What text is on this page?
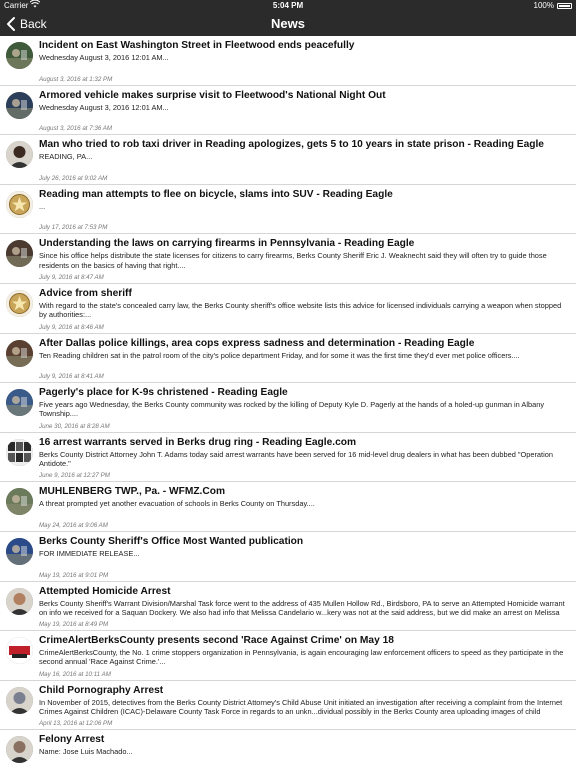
Carrier	5:04 PM	100%
Back	News
Incident on East Washington Street in Fleetwood ends peacefully
Wednesday August 3, 2016 12:01 AM...
August 3, 2016 at 1:32 PM
Armored vehicle makes surprise visit to Fleetwood's National Night Out
Wednesday August 3, 2016 12:01 AM...
August 3, 2016 at 7:36 AM
Man who tried to rob taxi driver in Reading apologizes, gets 5 to 10 years in state prison - Reading Eagle
READING, PA...
July 26, 2016 at 9:02 AM
Reading man attempts to flee on bicycle, slams into SUV - Reading Eagle
...
July 17, 2016 at 7:53 PM
Understanding the laws on carrying firearms in Pennsylvania - Reading Eagle
Since his office helps distribute the state licenses for citizens to carry firearms, Berks County Sheriff Eric J. Weaknecht said they will often try to guide those residents on the basics of having that right....
July 9, 2016 at 8:47 AM
Advice from sheriff
With regard to the state's concealed carry law, the Berks County sheriff's office website lists this advice for licensed individuals carrying a weapon when stopped by authorities:...
July 9, 2016 at 8:46 AM
After Dallas police killings, area cops express sadness and determination - Reading Eagle
Ten Reading children sat in the patrol room of the city's police department Friday, and for some it was the first time they'd ever met police officers....
July 9, 2016 at 8:41 AM
Pagerly's place for K-9s christened - Reading Eagle
Five years ago Wednesday, the Berks County community was rocked by the killing of Deputy Kyle D. Pagerly at the hands of a holed-up gunman in Albany Township....
June 30, 2016 at 8:28 AM
16 arrest warrants served in Berks drug ring - Reading Eagle.com
Berks County District Attorney John T. Adams today said arrest warrants have been served for 16 mid-level drug dealers in what has been dubbed "Operation Antidote."
June 9, 2016 at 12:27 PM
MUHLENBERG TWP., Pa. - WFMZ.Com
A threat prompted yet another evacuation of schools in Berks County on Thursday....
May 24, 2016 at 9:06 AM
Berks County Sheriff's Office Most Wanted publication
FOR IMMEDIATE RELEASE...
May 19, 2016 at 9:01 PM
Attempted Homicide Arrest
Berks County Sheriff's Warrant Division/Marshal Task force went to the address of 435 Mullen Hollow Rd., Birdsboro, PA to serve an Attempted Homicide warrant on info we received for a Saquan Dockery. We also had info that Melissa Candelario w...kery was not at the said address, but we did make an arrest on Melissa
May 19, 2016 at 8:49 PM
CrimeAlertBerksCounty presents second 'Race Against Crime' on May 18
CrimeAlertBerksCounty, the No. 1 crime stoppers organization in Pennsylvania, is again encouraging law enforcement officers to speed as they participate in the second annual 'Race Against Crime.'...
May 16, 2016 at 10:11 AM
Child Pornography Arrest
In November of 2015, detectives from the Berks County District Attorney's Child Abuse Unit initiated an investigation after receiving a complaint from the Internet Crimes Against Children (ICAC)-Delaware County Task Force in regards to an unkn...dividual possibly in the Berks County area uploading images of child
April 13, 2016 at 12:06 PM
Felony Arrest
Name: Jose Luis Machado...
